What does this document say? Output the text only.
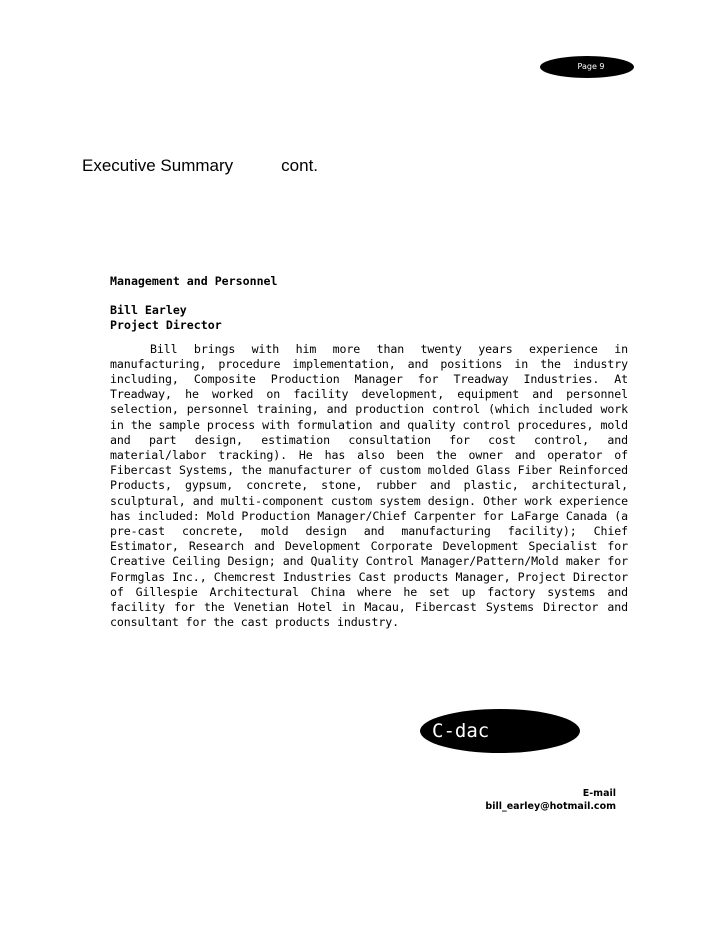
Page 9
Executive Summary	cont.

Management and Personnel

Bill Earley

Project Director

Bill brings with him more than twenty years experience in manufacturing, procedure implementation, and positions in the industry including, Composite Production Manager for Treadway Industries. At Treadway, he worked on facility development, equipment and personnel selection, personnel training, and production control (which included work in the sample process with formulation and quality control procedures, mold and part design, estimation consultation for cost control, and material/labor tracking). He has also been the owner and operator of Fibercast Systems, the manufacturer of custom molded Glass Fiber Reinforced Products, gypsum, concrete, stone, rubber and plastic, architectural, sculptural, and multi-component custom system design. Other work experience has included: Mold Production Manager/Chief Carpenter for LaFarge Canada (a pre-cast concrete, mold design and manufacturing facility); Chief Estimator, Research and Development Corporate Development Specialist for Creative Ceiling Design; and Quality Control Manager/Pattern/Mold maker for Formglas Inc., Chemcrest Industries Cast products Manager, Project Director of Gillespie Architectural China where he set up factory systems and facility for the Venetian Hotel in Macau, Fibercast Systems Director and consultant for the cast products industry.

C-dac
E-mail
bill_earley@hotmail.com
